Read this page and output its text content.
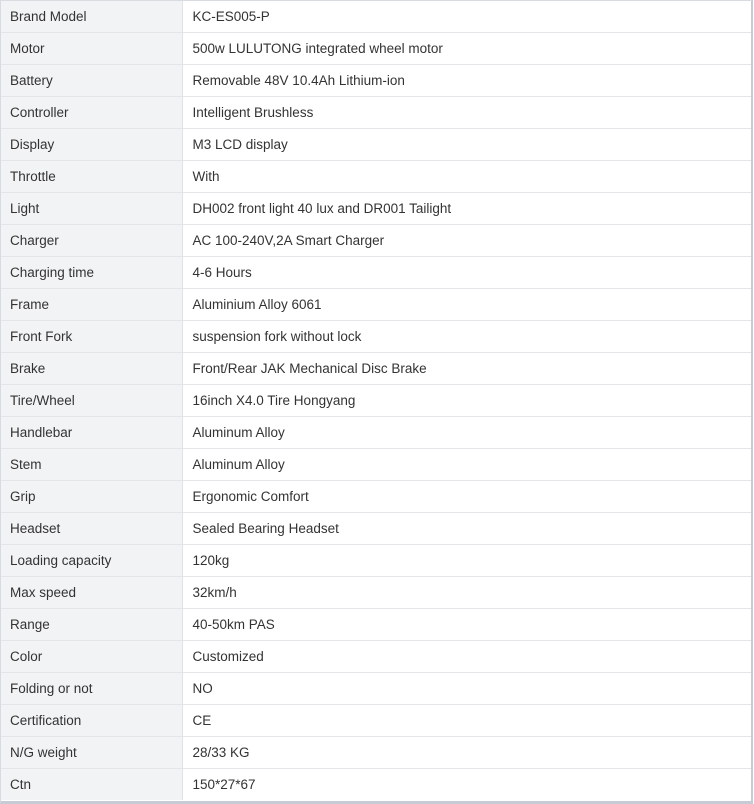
Brand Model	KC-ES005-P
Motor	500w LULUTONG integrated wheel motor
Battery	Removable 48V 10.4Ah Lithium-ion
Controller	Intelligent Brushless
Display	M3 LCD display
Throttle	With
Light	DH002 front light 40 lux and DR001 Tailight
Charger	AC 100-240V,2A Smart Charger
Charging time	4-6 Hours
Frame	Aluminium Alloy 6061
Front Fork	suspension fork without lock
Brake	Front/Rear JAK Mechanical Disc Brake
Tire/Wheel	16inch X4.0 Tire Hongyang
Handlebar	Aluminum Alloy
Stem	Aluminum Alloy
Grip	Ergonomic Comfort
Headset	Sealed Bearing Headset
Loading capacity	120kg
Max speed	32km/h
Range	40-50km PAS
Color	Customized
Folding or not	NO
Certification	CE
N/G weight	28/33 KG
Ctn	150*27*67
